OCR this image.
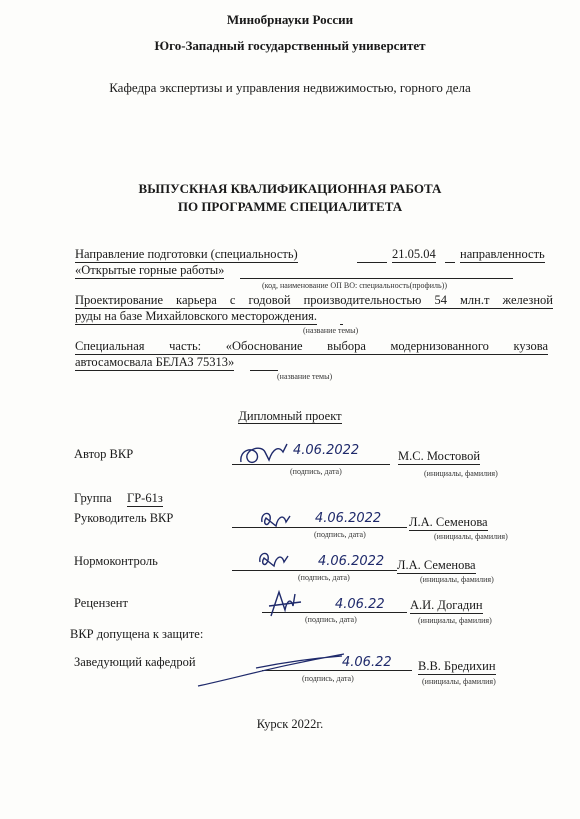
Минобрнауки России
Юго-Западный государственный университет
Кафедра экспертизы и управления недвижимостью, горного дела
ВЫПУСКНАЯ КВАЛИФИКАЦИОННАЯ РАБОТА
ПО ПРОГРАММЕ СПЕЦИАЛИТЕТА
Направление подготовки (специальность)	21.05.04 направленность
«Открытые горные работы»
(код, наименование ОП ВО: специальность(профиль))
Проектирование карьера с годовой производительностью 54 млн.т железной
руды на базе Михайловского месторождения.
(название темы)
Специальная часть: «Обоснование выбора модернизованного кузова
автосамосвала БЕЛАЗ 75313»
(название темы)
Дипломный проект
Автор ВКР	4.06.2022
(подпись, дата)
М.С. Мостовой
(инициалы, фамилия)
Группа ГР-61з
Руководитель ВКР	4.06.2022
(подпись, дата)
Л.А. Семенова
(инициалы, фамилия)
Нормоконтроль	4.06.2022
(подпись, дата)
Л.А. Семенова
(инициалы, фамилия)
Рецензент	4.06.22
(подпись, дата)
А.И. Догадин
(инициалы, фамилия)
ВКР допущена к защите:
Заведующий кафедрой	4.06.22
(подпись, дата)
В.В. Бредихин
(инициалы, фамилия)
Курск 2022г.
